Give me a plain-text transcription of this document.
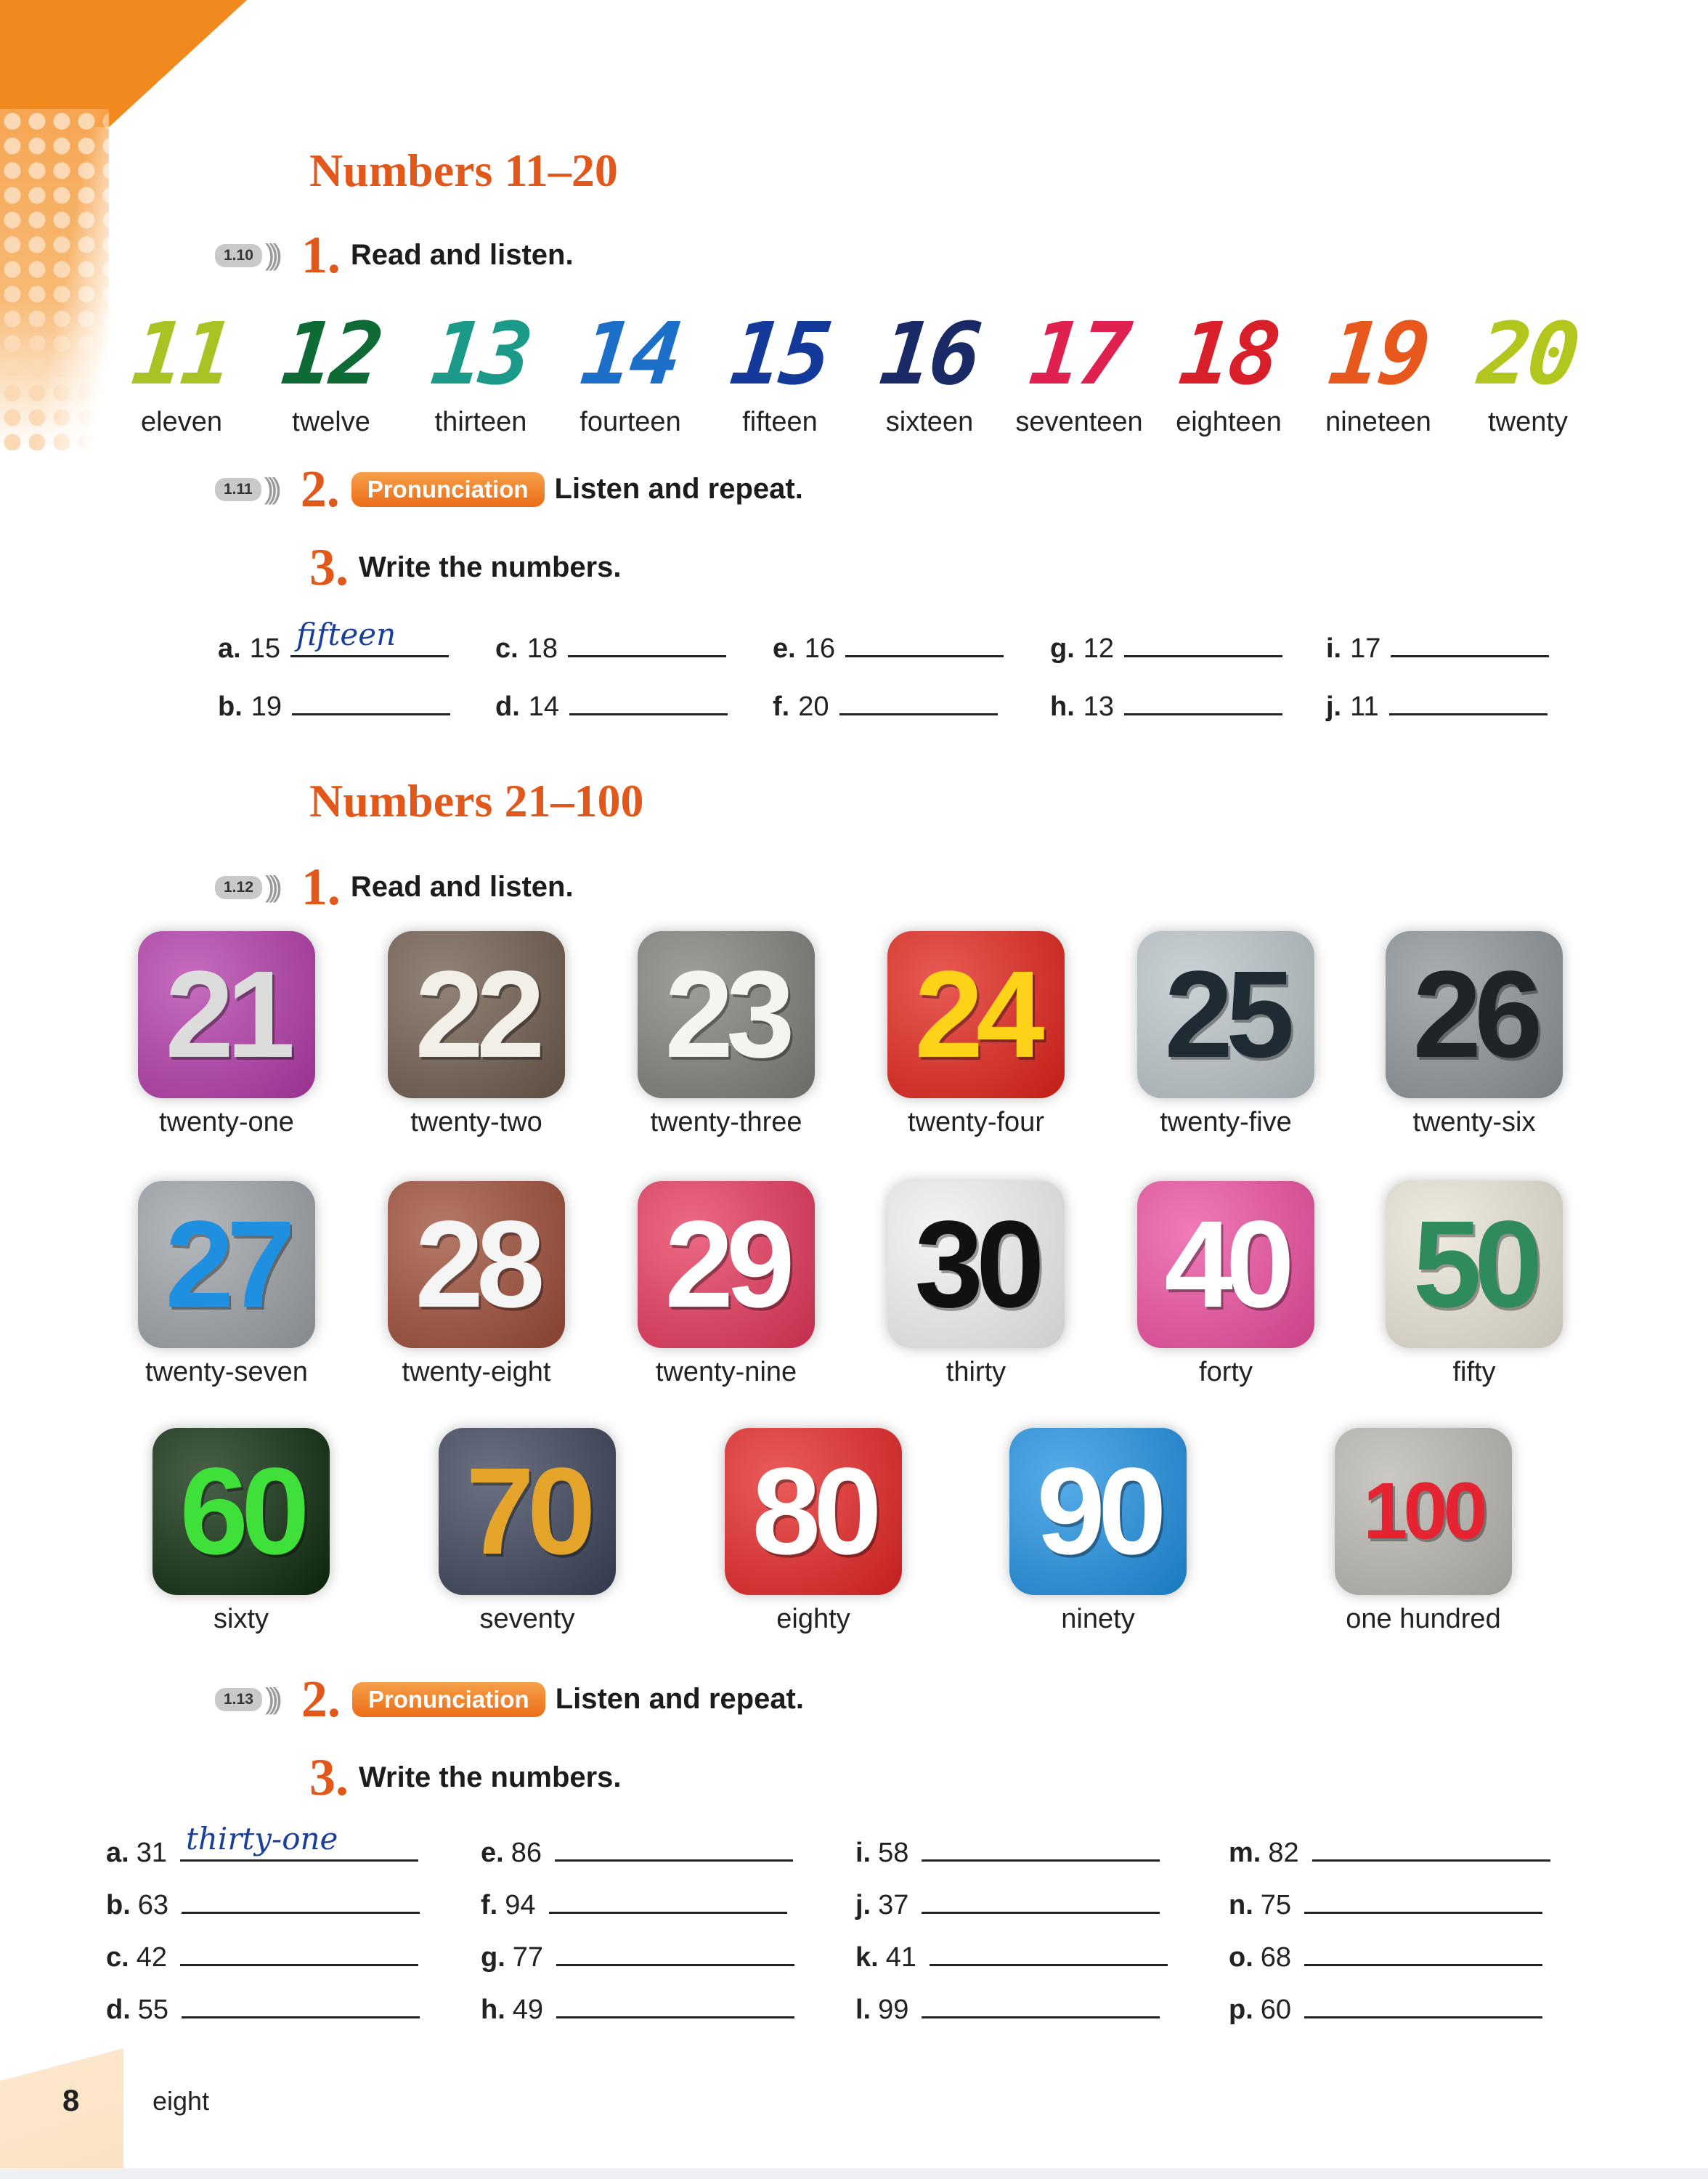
Numbers 11–20
1.10 ))) 1. Read and listen.
11
eleven
12
twelve
13
thirteen
14
fourteen
15
fifteen
16
sixteen
17
seventeen
18
eighteen
19
nineteen
20
twenty
1.11 ))) 2.	Pronunciation Listen and repeat.
3. Write the numbers.
a. 15 fifteen
b. 19
c. 18
d. 14
e. 16
f. 20
g. 12
h. 13
i. 17
j. 11
Numbers 21–100
1.12 ))) 1. Read and listen.
21
twenty-one
22
twenty-two
23
twenty-three
24
twenty-four
25
twenty-five
26
twenty-six
27
twenty-seven
28
twenty-eight
29
twenty-nine
30
thirty
40
forty
50
fifty
60
sixty
70
seventy
80
eighty
90
ninety
100
one hundred
1.13 ))) 2.	Pronunciation Listen and repeat.
3. Write the numbers.
a. 31 thirty-one
b. 63
c. 42
d. 55
e. 86
f. 94
g. 77
h. 49
i. 58
j. 37
k. 41
l. 99
m. 82
n. 75
o. 68
p. 60
8	eight
